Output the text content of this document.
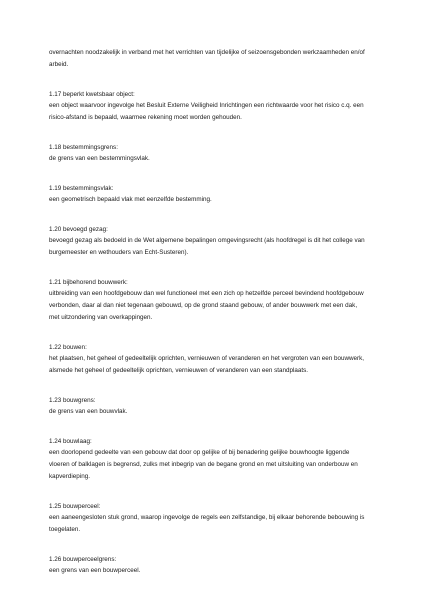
overnachten noodzakelijk in verband met het verrichten van tijdelijke of seizoensgebonden werkzaamheden en/of
arbeid.

1.17 beperkt kwetsbaar object:

een object waarvoor ingevolge het Besluit Externe Veiligheid Inrichtingen een richtwaarde voor het risico c.q. een
risico-afstand is bepaald, waarmee rekening moet worden gehouden.

1.18 bestemmingsgrens:

de grens van een bestemmingsvlak.

1.19 bestemmingsvlak:

een geometrisch bepaald vlak met eenzelfde bestemming.

1.20 bevoegd gezag:

bevoegd gezag als bedoeld in de Wet algemene bepalingen omgevingsrecht (als hoofdregel is dit het college van
burgemeester en wethouders van Echt-Susteren).

1.21 bijbehorend bouwwerk:

uitbreiding van een hoofdgebouw dan wel functioneel met een zich op hetzelfde perceel bevindend hoofdgebouw
verbonden, daar al dan niet tegenaan gebouwd, op de grond staand gebouw, of ander bouwwerk met een dak,
met uitzondering van overkappingen.

1.22 bouwen:

het plaatsen, het geheel of gedeeltelijk oprichten, vernieuwen of veranderen en het vergroten van een bouwwerk,
alsmede het geheel of gedeeltelijk oprichten, vernieuwen of veranderen van een standplaats.

1.23 bouwgrens:

de grens van een bouwvlak.

1.24 bouwlaag:

een doorlopend gedeelte van een gebouw dat door op gelijke of bij benadering gelijke bouwhoogte liggende
vloeren of balklagen is begrensd, zulks met inbegrip van de begane grond en met uitsluiting van onderbouw en
kapverdieping.

1.25 bouwperceel:

een aaneengesloten stuk grond, waarop ingevolge de regels een zelfstandige, bij elkaar behorende bebouwing is
toegelaten.

1.26 bouwperceelgrens:

een grens van een bouwperceel.
